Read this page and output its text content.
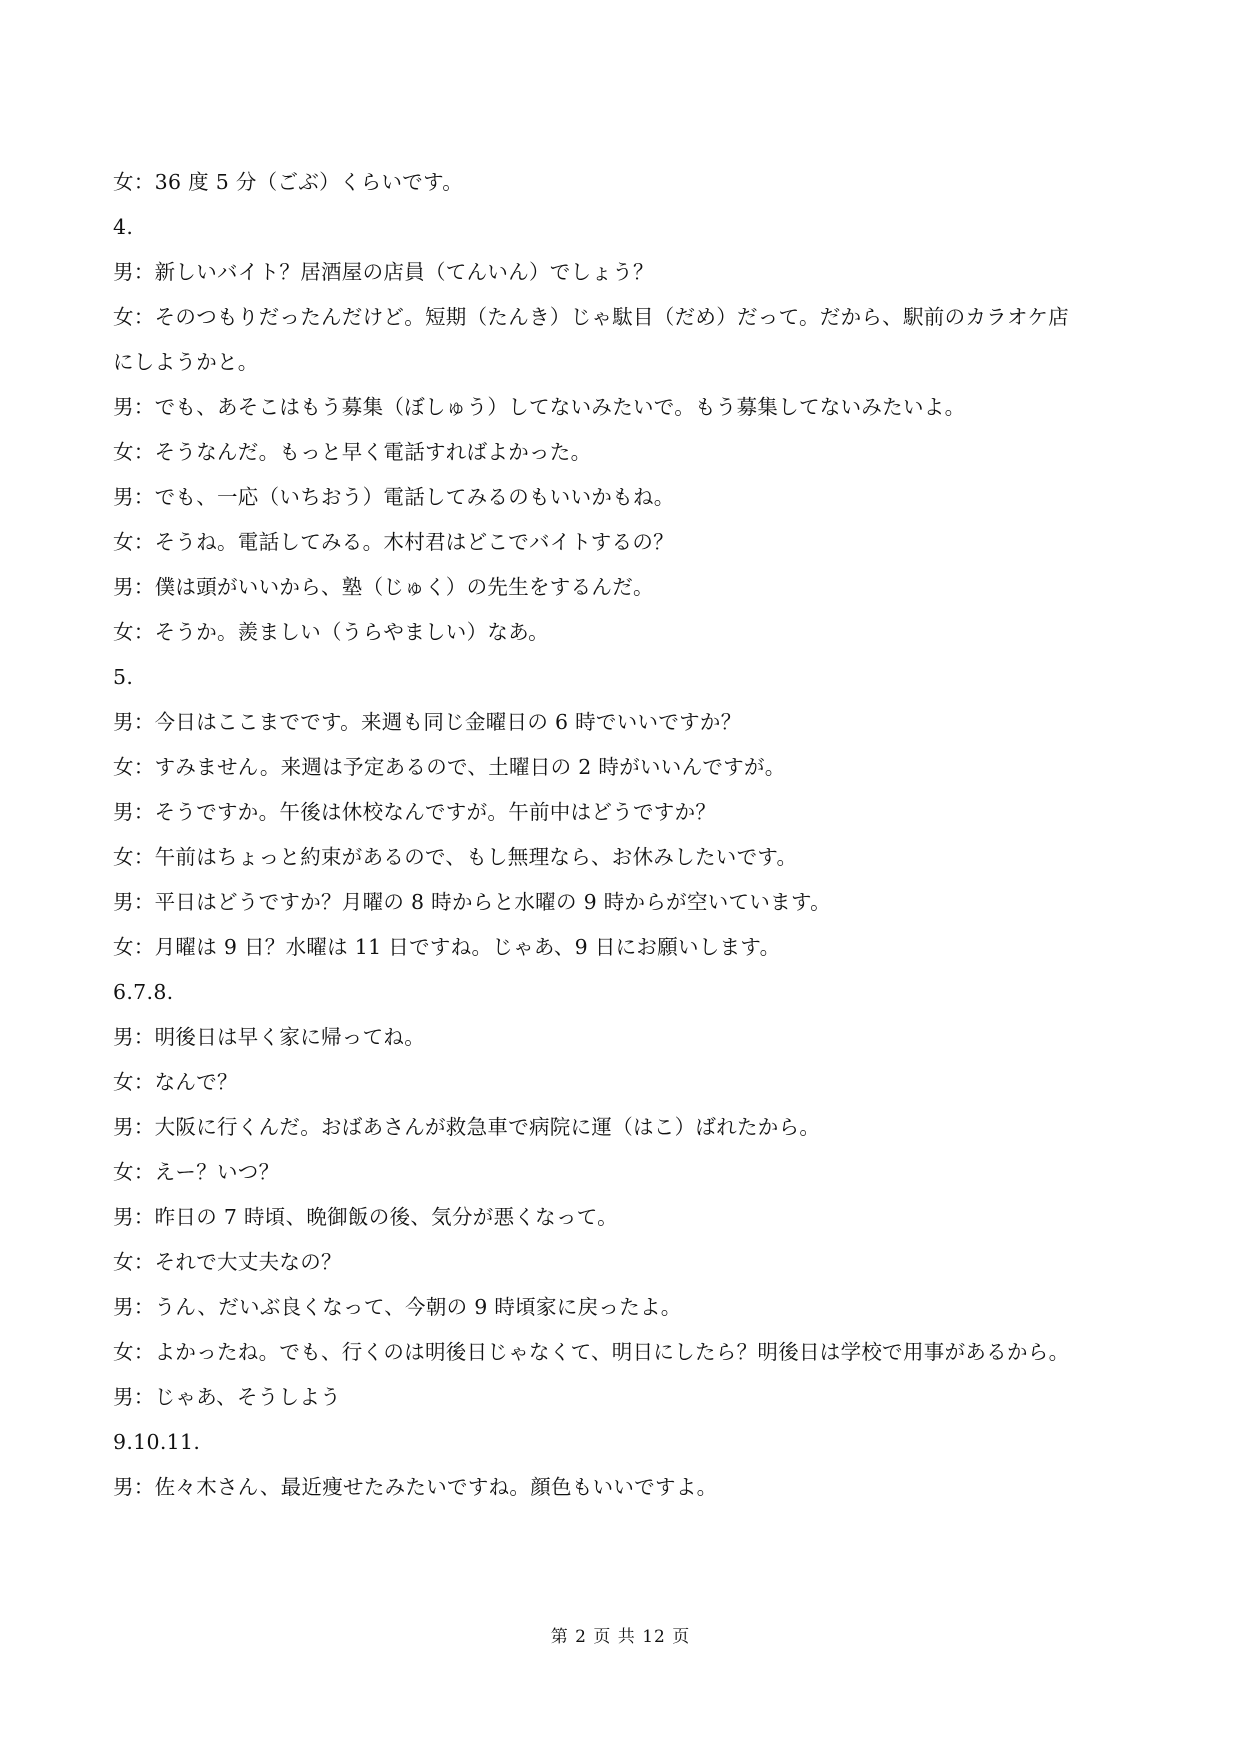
女：36 度 5 分（ごぶ）くらいです。
4.
男：新しいバイト？居酒屋の店員（てんいん）でしょう？
女：そのつもりだったんだけど。短期（たんき）じゃ駄目（だめ）だって。だから、駅前のカラオケ店
にしようかと。
男：でも、あそこはもう募集（ぼしゅう）してないみたいで。もう募集してないみたいよ。
女：そうなんだ。もっと早く電話すればよかった。
男：でも、一応（いちおう）電話してみるのもいいかもね。
女：そうね。電話してみる。木村君はどこでバイトするの？
男：僕は頭がいいから、塾（じゅく）の先生をするんだ。
女：そうか。羨ましい（うらやましい）なあ。
5.
男：今日はここまでです。来週も同じ金曜日の 6 時でいいですか？
女：すみません。来週は予定あるので、土曜日の 2 時がいいんですが。
男：そうですか。午後は休校なんですが。午前中はどうですか？
女：午前はちょっと約束があるので、もし無理なら、お休みしたいです。
男：平日はどうですか？月曜の 8 時からと水曜の 9 時からが空いています。
女：月曜は 9 日？水曜は 11 日ですね。じゃあ、9 日にお願いします。
6.7.8.
男：明後日は早く家に帰ってね。
女：なんで？
男：大阪に行くんだ。おばあさんが救急車で病院に運（はこ）ばれたから。
女：えー？いつ？
男：昨日の 7 時頃、晩御飯の後、気分が悪くなって。
女：それで大丈夫なの？
男：うん、だいぶ良くなって、今朝の 9 時頃家に戻ったよ。
女：よかったね。でも、行くのは明後日じゃなくて、明日にしたら？明後日は学校で用事があるから。
男：じゃあ、そうしよう
9.10.11.
男：佐々木さん、最近痩せたみたいですね。顔色もいいですよ。
第 2 页 共 12 页
